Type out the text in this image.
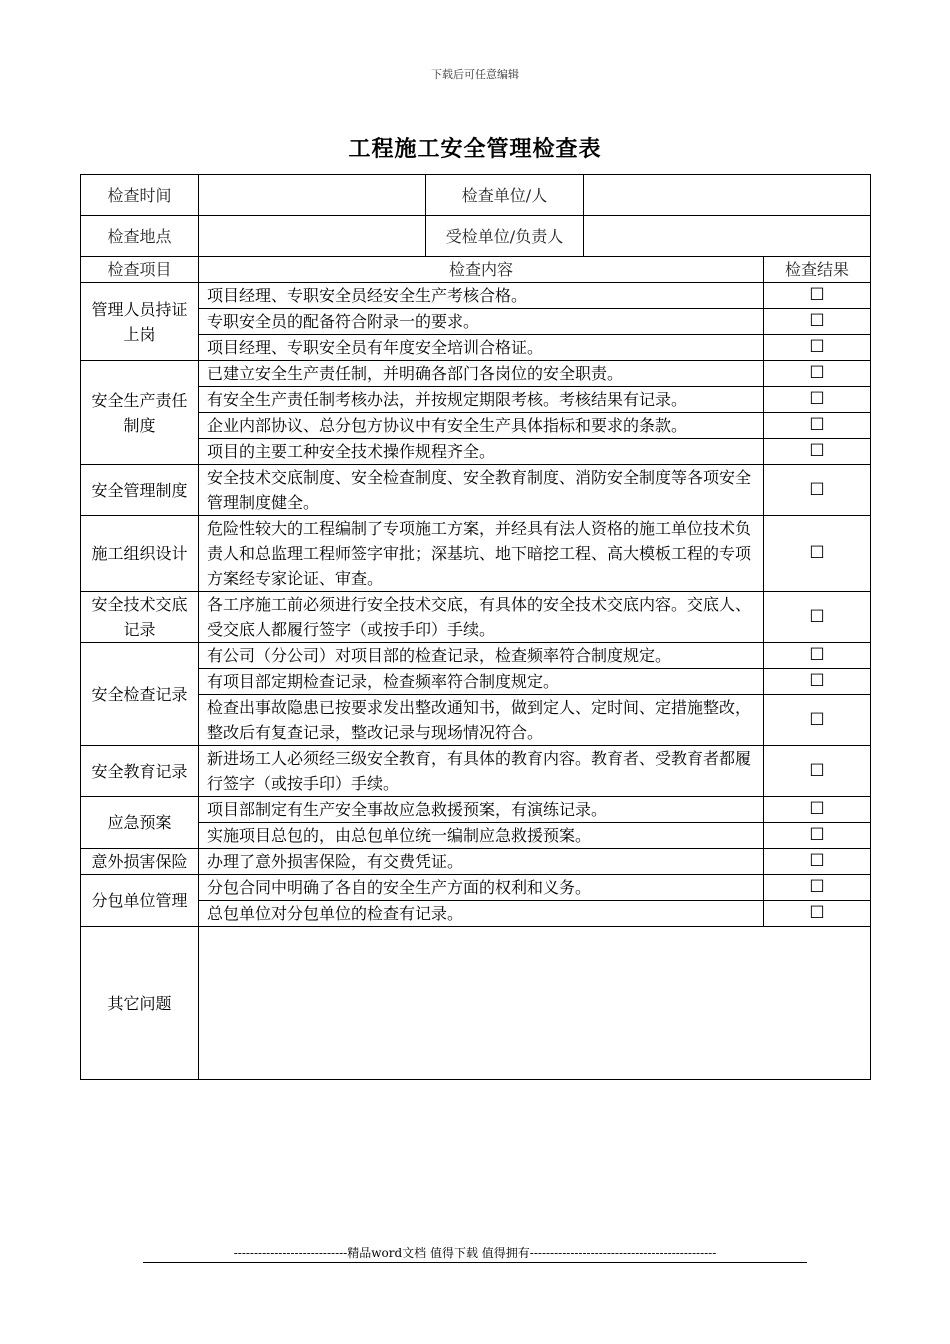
下载后可任意编辑
工程施工安全管理检查表
检查时间		检查单位/人		
检查地点		受检单位/负责人		
检查项目	检查内容			检查结果
管理人员持证上岗	项目经理、专职安全员经安全生产考核合格。			☐
	专职安全员的配备符合附录一的要求。			☐
	项目经理、专职安全员有年度安全培训合格证。			☐
安全生产责任制度	已建立安全生产责任制，并明确各部门各岗位的安全职责。			☐
	有安全生产责任制考核办法，并按规定期限考核。考核结果有记录。			☐
	企业内部协议、总分包方协议中有安全生产具体指标和要求的条款。			☐
	项目的主要工种安全技术操作规程齐全。			☐
安全管理制度	安全技术交底制度、安全检查制度、安全教育制度、消防安全制度等各项安全管理制度健全。			☐
施工组织设计	危险性较大的工程编制了专项施工方案，并经具有法人资格的施工单位技术负责人和总监理工程师签字审批；深基坑、地下暗挖工程、高大模板工程的专项方案经专家论证、审查。			☐
安全技术交底记录	各工序施工前必须进行安全技术交底，有具体的安全技术交底内容。交底人、受交底人都履行签字（或按手印）手续。			☐
安全检查记录	有公司（分公司）对项目部的检查记录，检查频率符合制度规定。			☐
	有项目部定期检查记录，检查频率符合制度规定。			☐
	检查出事故隐患已按要求发出整改通知书，做到定人、定时间、定措施整改，整改后有复查记录，整改记录与现场情况符合。			☐
安全教育记录	新进场工人必须经三级安全教育，有具体的教育内容。教育者、受教育者都履行签字（或按手印）手续。			☐
应急预案	项目部制定有生产安全事故应急救援预案，有演练记录。			☐
	实施项目总包的，由总包单位统一编制应急救援预案。			☐
意外损害保险	办理了意外损害保险，有交费凭证。			☐
分包单位管理	分包合同中明确了各自的安全生产方面的权利和义务。			☐
	总包单位对分包单位的检查有记录。			☐
其它问题				
----------------------------精品word文档 值得下载 值得拥有----------------------------------------------
